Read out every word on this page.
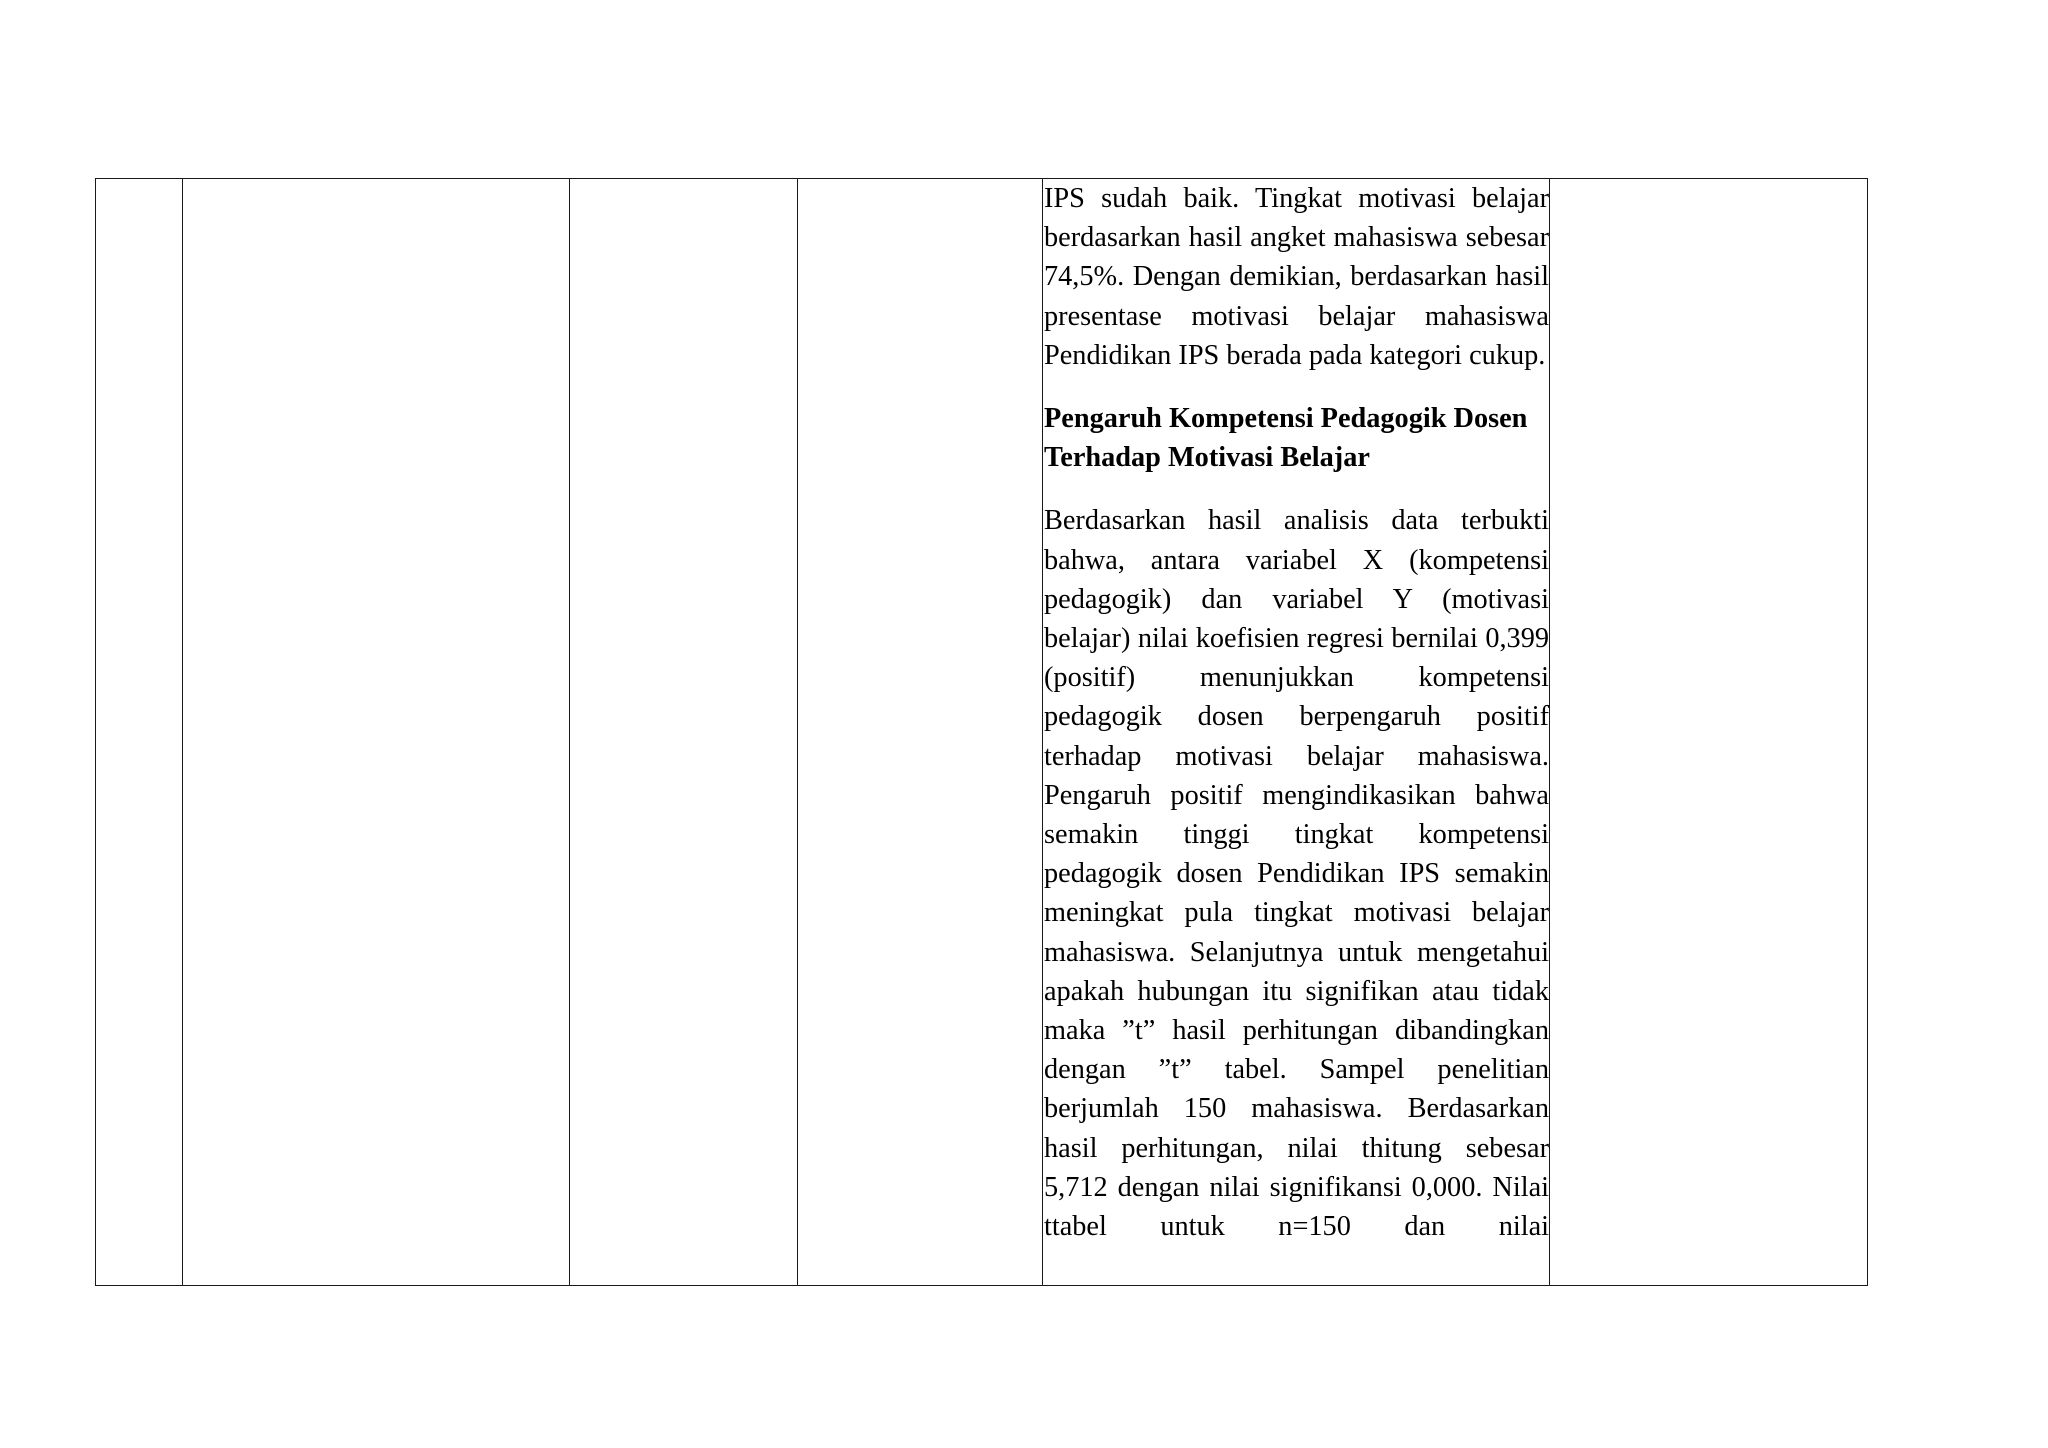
IPS sudah baik. Tingkat motivasi belajar berdasarkan hasil angket mahasiswa sebesar 74,5%. Dengan demikian, berdasarkan hasil presentase motivasi belajar mahasiswa Pendidikan IPS berada pada kategori cukup.

Pengaruh Kompetensi Pedagogik Dosen Terhadap Motivasi Belajar

Berdasarkan hasil analisis data terbukti bahwa, antara variabel X (kompetensi pedagogik) dan variabel Y (motivasi belajar) nilai koefisien regresi bernilai 0,399 (positif) menunjukkan kompetensi pedagogik dosen berpengaruh positif terhadap motivasi belajar mahasiswa. Pengaruh positif mengindikasikan bahwa semakin tinggi tingkat kompetensi pedagogik dosen Pendidikan IPS semakin meningkat pula tingkat motivasi belajar mahasiswa. Selanjutnya untuk mengetahui apakah hubungan itu signifikan atau tidak maka ”t” hasil perhitungan dibandingkan dengan ”t” tabel. Sampel penelitian berjumlah 150 mahasiswa. Berdasarkan hasil perhitungan, nilai thitung sebesar 5,712 dengan nilai signifikansi 0,000. Nilai ttabel untuk n=150 dan nilai
